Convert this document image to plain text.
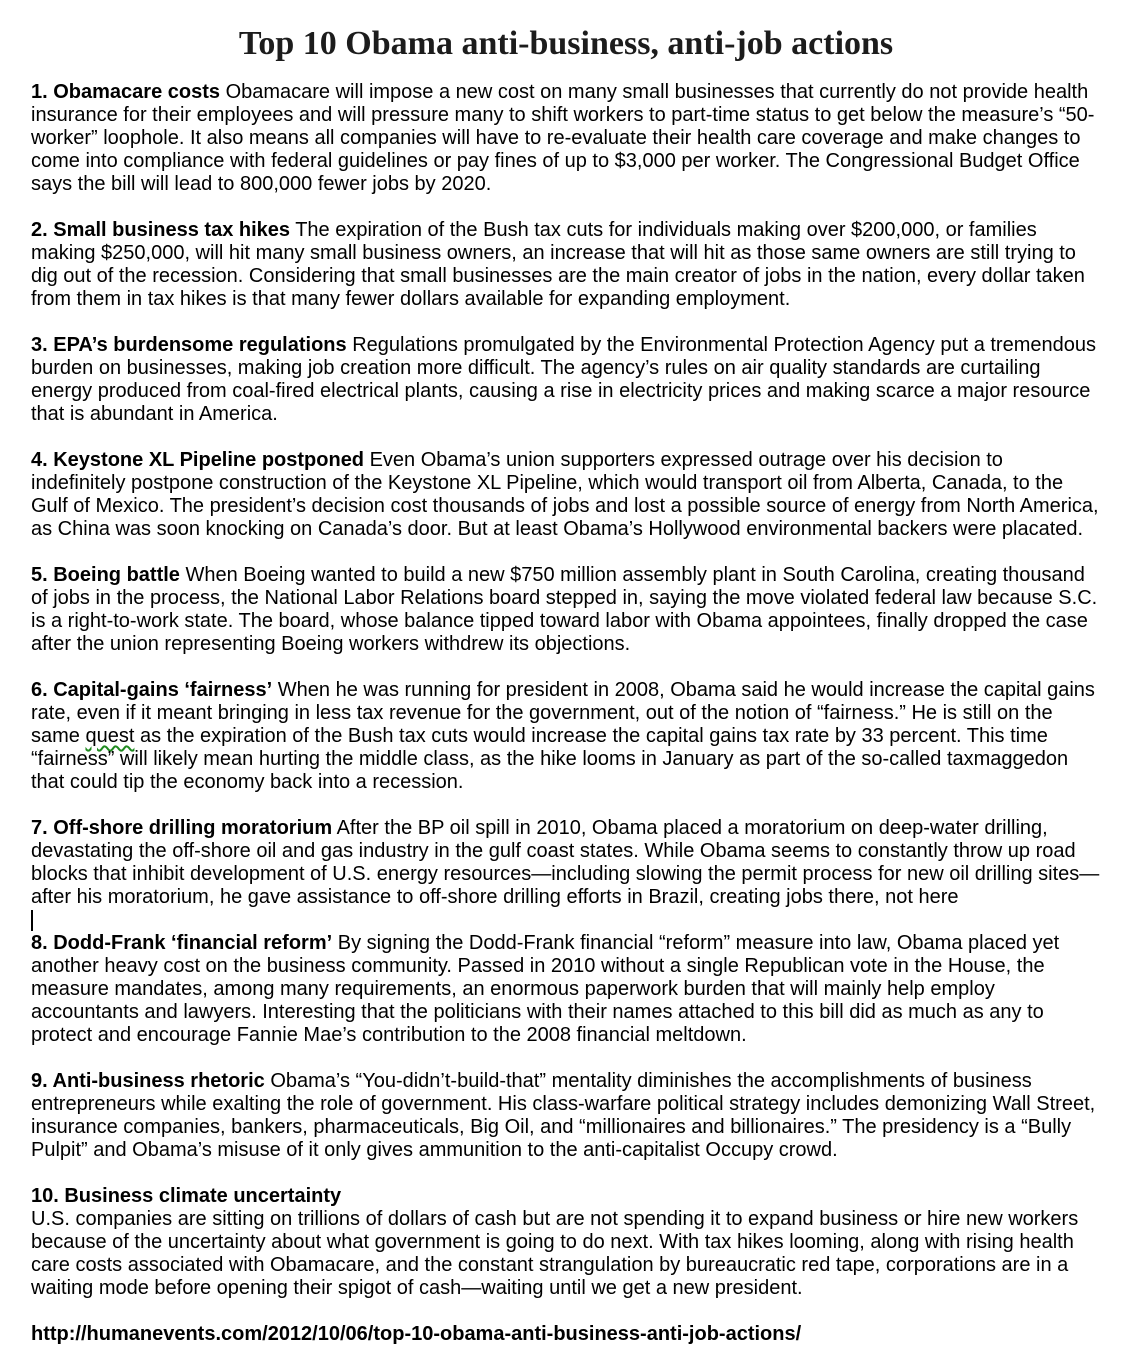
Top 10 Obama anti-business, anti-job actions

1. Obamacare costs Obamacare will impose a new cost on many small businesses that currently do not provide health insurance for their employees and will pressure many to shift workers to part-time status to get below the measure’s “50-worker” loophole. It also means all companies will have to re-evaluate their health care coverage and make changes to come into compliance with federal guidelines or pay fines of up to $3,000 per worker. The Congressional Budget Office says the bill will lead to 800,000 fewer jobs by 2020.

2. Small business tax hikes The expiration of the Bush tax cuts for individuals making over $200,000, or families making $250,000, will hit many small business owners, an increase that will hit as those same owners are still trying to dig out of the recession. Considering that small businesses are the main creator of jobs in the nation, every dollar taken from them in tax hikes is that many fewer dollars available for expanding employment.

3. EPA’s burdensome regulations Regulations promulgated by the Environmental Protection Agency put a tremendous burden on businesses, making job creation more difficult. The agency’s rules on air quality standards are curtailing energy produced from coal-fired electrical plants, causing a rise in electricity prices and making scarce a major resource that is abundant in America.

4. Keystone XL Pipeline postponed Even Obama’s union supporters expressed outrage over his decision to indefinitely postpone construction of the Keystone XL Pipeline, which would transport oil from Alberta, Canada, to the Gulf of Mexico. The president’s decision cost thousands of jobs and lost a possible source of energy from North America, as China was soon knocking on Canada’s door. But at least Obama’s Hollywood environmental backers were placated.

5. Boeing battle When Boeing wanted to build a new $750 million assembly plant in South Carolina, creating thousand of jobs in the process, the National Labor Relations board stepped in, saying the move violated federal law because S.C. is a right-to-work state. The board, whose balance tipped toward labor with Obama appointees, finally dropped the case after the union representing Boeing workers withdrew its objections.

6. Capital-gains ‘fairness’ When he was running for president in 2008, Obama said he would increase the capital gains rate, even if it meant bringing in less tax revenue for the government, out of the notion of “fairness.” He is still on the same quest as the expiration of the Bush tax cuts would increase the capital gains tax rate by 33 percent. This time “fairness” will likely mean hurting the middle class, as the hike looms in January as part of the so-called taxmaggedon that could tip the economy back into a recession.

7. Off-shore drilling moratorium After the BP oil spill in 2010, Obama placed a moratorium on deep-water drilling, devastating the off-shore oil and gas industry in the gulf coast states. While Obama seems to constantly throw up road blocks that inhibit development of U.S. energy resources—including slowing the permit process for new oil drilling sites—after his moratorium, he gave assistance to off-shore drilling efforts in Brazil, creating jobs there, not here

8. Dodd-Frank ‘financial reform’ By signing the Dodd-Frank financial “reform” measure into law, Obama placed yet another heavy cost on the business community. Passed in 2010 without a single Republican vote in the House, the measure mandates, among many requirements, an enormous paperwork burden that will mainly help employ accountants and lawyers. Interesting that the politicians with their names attached to this bill did as much as any to protect and encourage Fannie Mae’s contribution to the 2008 financial meltdown.

9. Anti-business rhetoric Obama’s “You-didn’t-build-that” mentality diminishes the accomplishments of business entrepreneurs while exalting the role of government. His class-warfare political strategy includes demonizing Wall Street, insurance companies, bankers, pharmaceuticals, Big Oil, and “millionaires and billionaires.” The presidency is a “Bully Pulpit” and Obama’s misuse of it only gives ammunition to the anti-capitalist Occupy crowd.

10. Business climate uncertainty
U.S. companies are sitting on trillions of dollars of cash but are not spending it to expand business or hire new workers because of the uncertainty about what government is going to do next. With tax hikes looming, along with rising health care costs associated with Obamacare, and the constant strangulation by bureaucratic red tape, corporations are in a waiting mode before opening their spigot of cash—waiting until we get a new president.

http://humanevents.com/2012/10/06/top-10-obama-anti-business-anti-job-actions/
